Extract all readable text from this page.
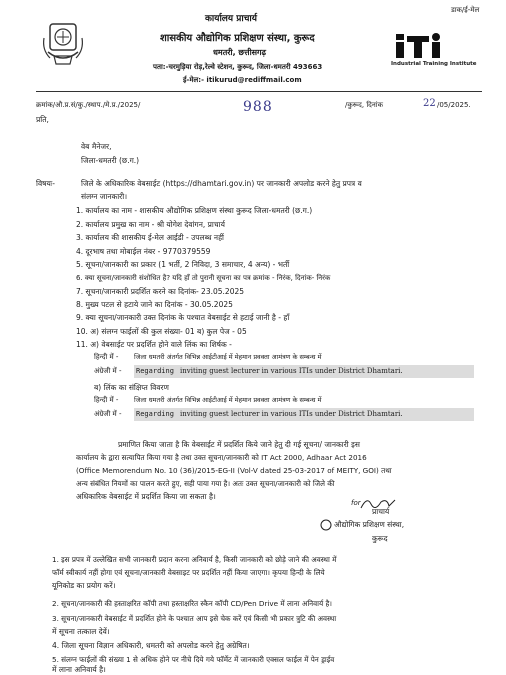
डाक/ई-मेल
कार्यालय प्राचार्य
शासकीय औद्योगिक प्रशिक्षण संस्था, कुरूद
धमतरी, छत्तीसगढ़
पता:-चरमुड़िया रोड़,रेल्वे स्टेशन, कुरूद, जिला-धमतरी 493663
ई-मेल:- itikurud@rediffmail.com
Industrial Training Institute
क्रमांक/औ.प्र.सं/कु./स्थाप./मे.प्र./2025/	988	/कुरूद, दिनांक	22 /05/2025.
प्रति,
वेब मैनेजर,
जिला-धमतरी (छ.ग.)
विषयः-	जिले के अधिकारिक वेबसाईट (https://dhamtari.gov.in) पर जानकारी अपलोड करने हेतु प्रपत्र व
संलग्न जानकारी।
1. कार्यालय का नाम - शासकीय औद्योगिक प्रशिक्षण संस्था कुरूद जिला-धमतरी (छ.ग.)
2. कार्यालय प्रमुख का नाम - श्री योगेश देवांगन, प्राचार्य
3. कार्यालय की शासकीय ई-मेल आईडी - उपलब्ध नहीं
4. दूरभाष तथा मोबाईल नंबर - 9770379559
5. सूचना/जानकारी का प्रकार (1 भर्ती, 2 निविदा, 3 समाचार, 4 अन्य) - भर्ती
6. क्या सूचना/जानकारी संशोधित है? यदि हाँ तो पुरानी सूचना का पत्र क्रमांक - निरंक, दिनांक- निरंक
7. सूचना/जानकारी प्रदर्शित करने का दिनांक- 23.05.2025
8. मुख्य पटल से हटाये जाने का दिनांक - 30.05.2025
9. क्या सूचना/जानकारी उक्त दिनांक के पश्चात वेबसाईट से हटाई जानी है - हाँ
10. अ) संलग्न फाईलों की कुल संख्या- 01 ब) कुल पेज - 05
11. अ) वेबसाईट पर प्रदर्शित होने वाले लिंक का शिर्षक -
हिन्दी में - जिला धमतरी अंतर्गत विभिन्न आईटीआई में मेहमान प्रवक्ता आमंत्रण के सम्बन्ध में
अंग्रेजी में - Regarding inviting guest lecturer in various ITIs under District Dhamtari.
ब) लिंक का संक्षिप्त विवरण
हिन्दी में - जिला धमतरी अंतर्गत विभिन्न आईटीआई में मेहमान प्रवक्ता आमंत्रण के सम्बन्ध में
अंग्रेजी में - Regarding inviting guest lecturer in various ITIs under District Dhamtari.
प्रमाणित किया जाता है कि वेबसाईट में प्रदर्शित किये जाने हेतु दी गई सूचना/ जानकारी इस
कार्यालय के द्वारा सत्यापित किया गया है तथा उक्त सूचना/जानकारी को IT Act 2000, Adhaar Act 2016
(Office Memorendum No. 10 (36)/2015-EG-II (Vol-V dated 25-03-2017 of MEITY, GOI) तथा
अन्य संबंधित नियमों का पालन करते हुए, सही पाया गया है। अतः उक्त सूचना/जानकारी को जिले की
अधिकारिक वेबसाईट में प्रदर्शित किया जा सकता है।
for
प्राचार्य
औद्योगिक प्रशिक्षण संस्था,
कुरूद
1. इस प्रपत्र में उल्लेखित सभी जानकारी प्रदान करना अनिवार्य है, किसी जानकारी को छोड़े जाने की अवस्था में
फॉर्म स्वीकार्य नहीं होगा एवं सूचना/जानकारी वेबसाइट पर प्रदर्शित नहीं किया जाएगा। कृपया हिन्दी के लिये
यूनिकोड का प्रयोग करें।
2. सूचना/जानकारी की हस्ताक्षरित कॉपी तथा हस्ताक्षरित स्कैन कॉपी CD/Pen Drive में लाना अनिवार्य है।
3. सूचना/जानकारी वेबसाईट में प्रदर्शित होने के पश्चात आप इसे चेक करें एवं किसी भी प्रकार त्रुटि की अवस्था
में सूचना तत्काल देवें।
4. जिला सूचना विज्ञान अधिकारी, धमतरी को अपलोड करने हेतु अग्रेषित।
5. संलग्न फाईलों की संख्या 1 से अधिक होने पर नीचे दिये गये फॉर्मेट में जानकारी एक्सल फाईल में पेन ड्राईव
में लाना अनिवार्य है।
